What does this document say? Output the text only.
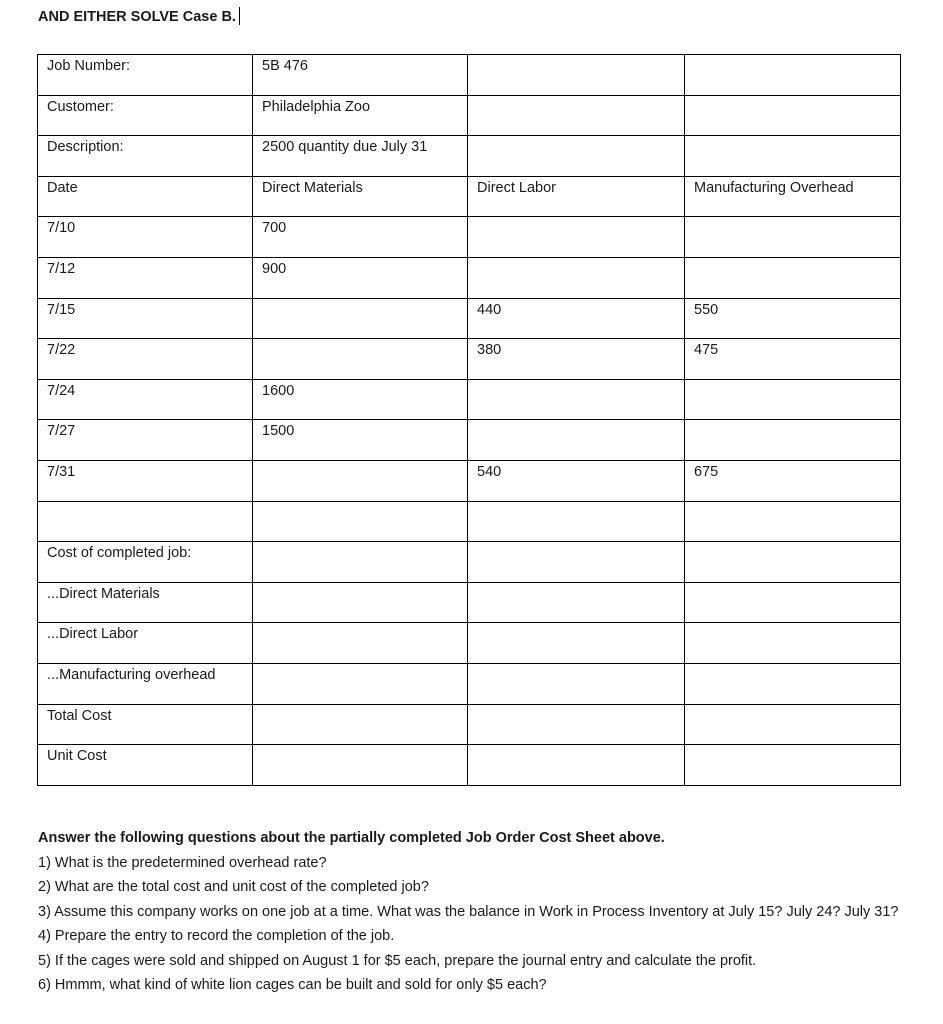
AND EITHER SOLVE Case B.
Job Number:	5B 476		
Customer:	Philadelphia Zoo		
Description:	2500 quantity due July 31		
Date	Direct Materials	Direct Labor	Manufacturing Overhead
7/10	700		
7/12	900		
7/15		440	550
7/22		380	475
7/24	1600		
7/27	1500		
7/31		540	675

Cost of completed job:			
...Direct Materials			
...Direct Labor			
...Manufacturing overhead			
Total Cost			
Unit Cost			
Answer the following questions about the partially completed Job Order Cost Sheet above.
1) What is the predetermined overhead rate?
2) What are the total cost and unit cost of the completed job?
3) Assume this company works on one job at a time. What was the balance in Work in Process Inventory at July 15? July 24? July 31?
4) Prepare the entry to record the completion of the job.
5) If the cages were sold and shipped on August 1 for $5 each, prepare the journal entry and calculate the profit.
6) Hmmm, what kind of white lion cages can be built and sold for only $5 each?
